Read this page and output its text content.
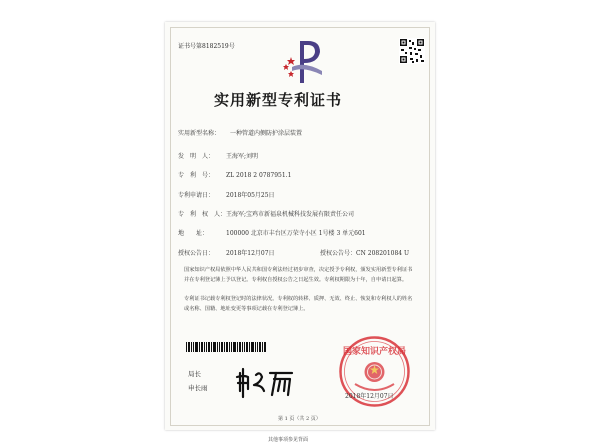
证书号第8182519号
实用新型专利证书
实用新型名称： 一种管道内侧防护涂层装置
发　明　人： 王海军;刘明
专　利　号： ZL 2018 2 0787951.1
专利申请日： 2018年05月25日
专　利　权　人： 王海军;宝鸡市新福泉机械科技发展有限责任公司
地　　址：	100000 北京市丰台区万荣寺小区 1号楼 3 单元601
授权公告日： 2018年12月07日	授权公告号：CN 208201084 U
国家知识产权局依照中华人民共和国专利法经过初步审查，决定授予专利权，颁发实用新型专利证书并在专利登记簿上予以登记。专利权自授权公告之日起生效。专利权期限为十年，自申请日起算。
专利证书记载专利权登记时的法律状况。专利权的转移、质押、无效、终止、恢复和专利权人的姓名或名称、国籍、地址变更等事项记载在专利登记簿上。
局长
申长雨
国家知识产权局
2018年12月07日
第 1 页（共 2 页）
其他事项参见背面
